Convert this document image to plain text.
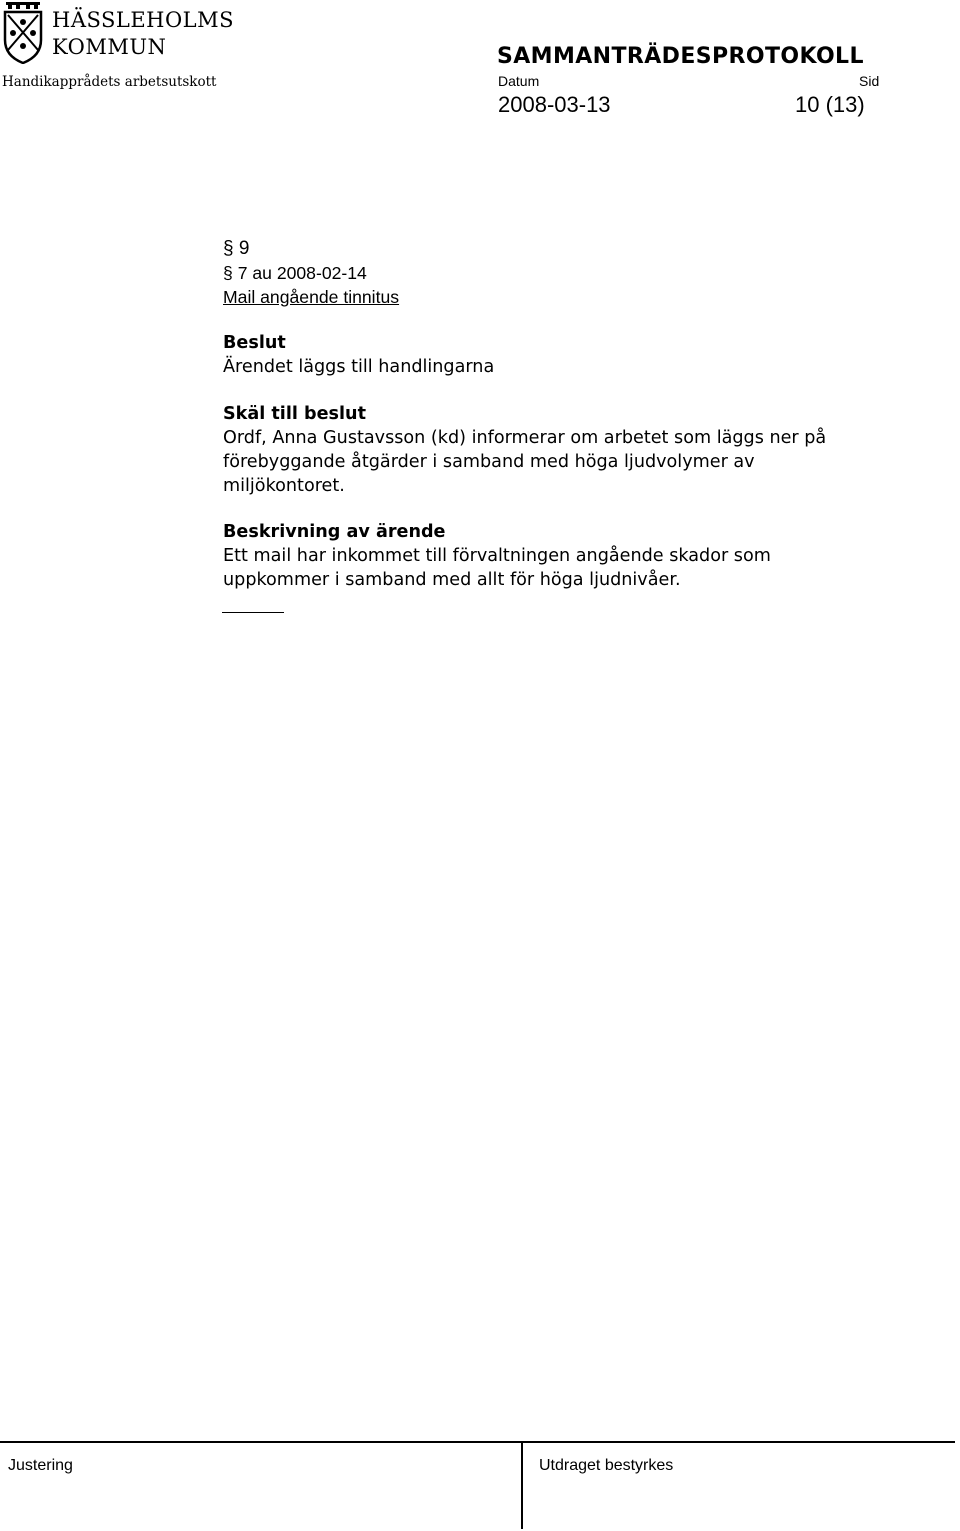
HÄSSLEHOLMS
KOMMUN
Handikapprådets arbetsutskott
SAMMANTRÄDESPROTOKOLL
Datum	Sid
2008-03-13	10 (13)
§ 9
§ 7 au 2008-02-14
Mail angående tinnitus
Beslut
Ärendet läggs till handlingarna
Skäl till beslut
Ordf, Anna Gustavsson (kd) informerar om arbetet som läggs ner på
förebyggande åtgärder i samband med höga ljudvolymer av
miljökontoret.
Beskrivning av ärende
Ett mail har inkommet till förvaltningen angående skador som
uppkommer i samband med allt för höga ljudnivåer.
Justering	Utdraget bestyrkes
